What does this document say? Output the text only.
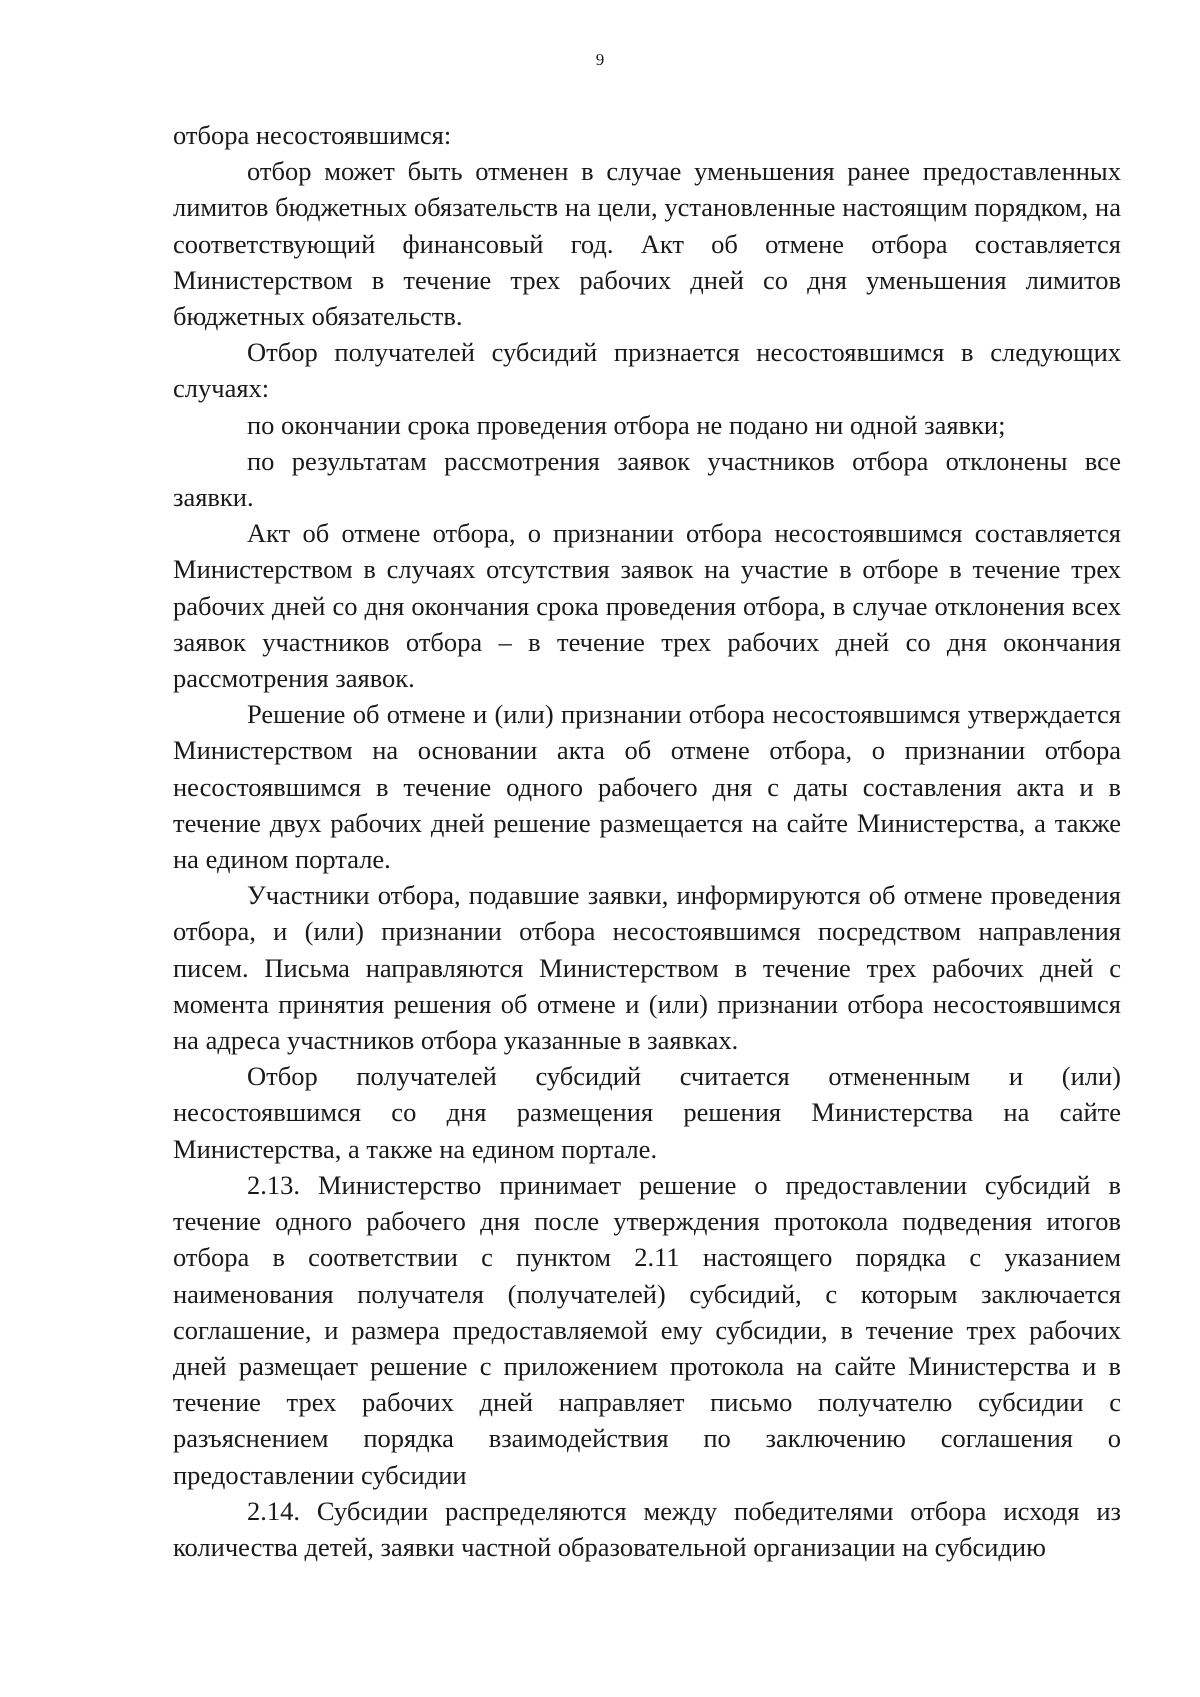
9

отбора несостоявшимся:

отбор может быть отменен в случае уменьшения ранее предоставленных лимитов бюджетных обязательств на цели, установленные настоящим порядком, на соответствующий финансовый год. Акт об отмене отбора составляется Министерством в течение трех рабочих дней со дня уменьшения лимитов бюджетных обязательств.

Отбор получателей субсидий признается несостоявшимся в следующих случаях:

по окончании срока проведения отбора не подано ни одной заявки;

по результатам рассмотрения заявок участников отбора отклонены все заявки.

Акт об отмене отбора, о признании отбора несостоявшимся составляется Министерством в случаях отсутствия заявок на участие в отборе в течение трех рабочих дней со дня окончания срока проведения отбора, в случае отклонения всех заявок участников отбора – в течение трех рабочих дней со дня окончания рассмотрения заявок.

Решение об отмене и (или) признании отбора несостоявшимся утверждается Министерством на основании акта об отмене отбора, о признании отбора несостоявшимся в течение одного рабочего дня с даты составления акта и в течение двух рабочих дней решение размещается на сайте Министерства, а также на едином портале.

Участники отбора, подавшие заявки, информируются об отмене проведения отбора, и (или) признании отбора несостоявшимся посредством направления писем. Письма направляются Министерством в течение трех рабочих дней с момента принятия решения об отмене и (или) признании отбора несостоявшимся на адреса участников отбора указанные в заявках.

Отбор получателей субсидий считается отмененным и (или) несостоявшимся со дня размещения решения Министерства на сайте Министерства, а также на едином портале.

2.13. Министерство принимает решение о предоставлении субсидий в течение одного рабочего дня после утверждения протокола подведения итогов отбора в соответствии с пунктом 2.11 настоящего порядка с указанием наименования получателя (получателей) субсидий, с которым заключается соглашение, и размера предоставляемой ему субсидии, в течение трех рабочих дней размещает решение с приложением протокола на сайте Министерства и в течение трех рабочих дней направляет письмо получателю субсидии с разъяснением порядка взаимодействия по заключению соглашения о предоставлении субсидии

2.14. Субсидии распределяются между победителями отбора исходя из количества детей, заявки частной образовательной организации на субсидию
